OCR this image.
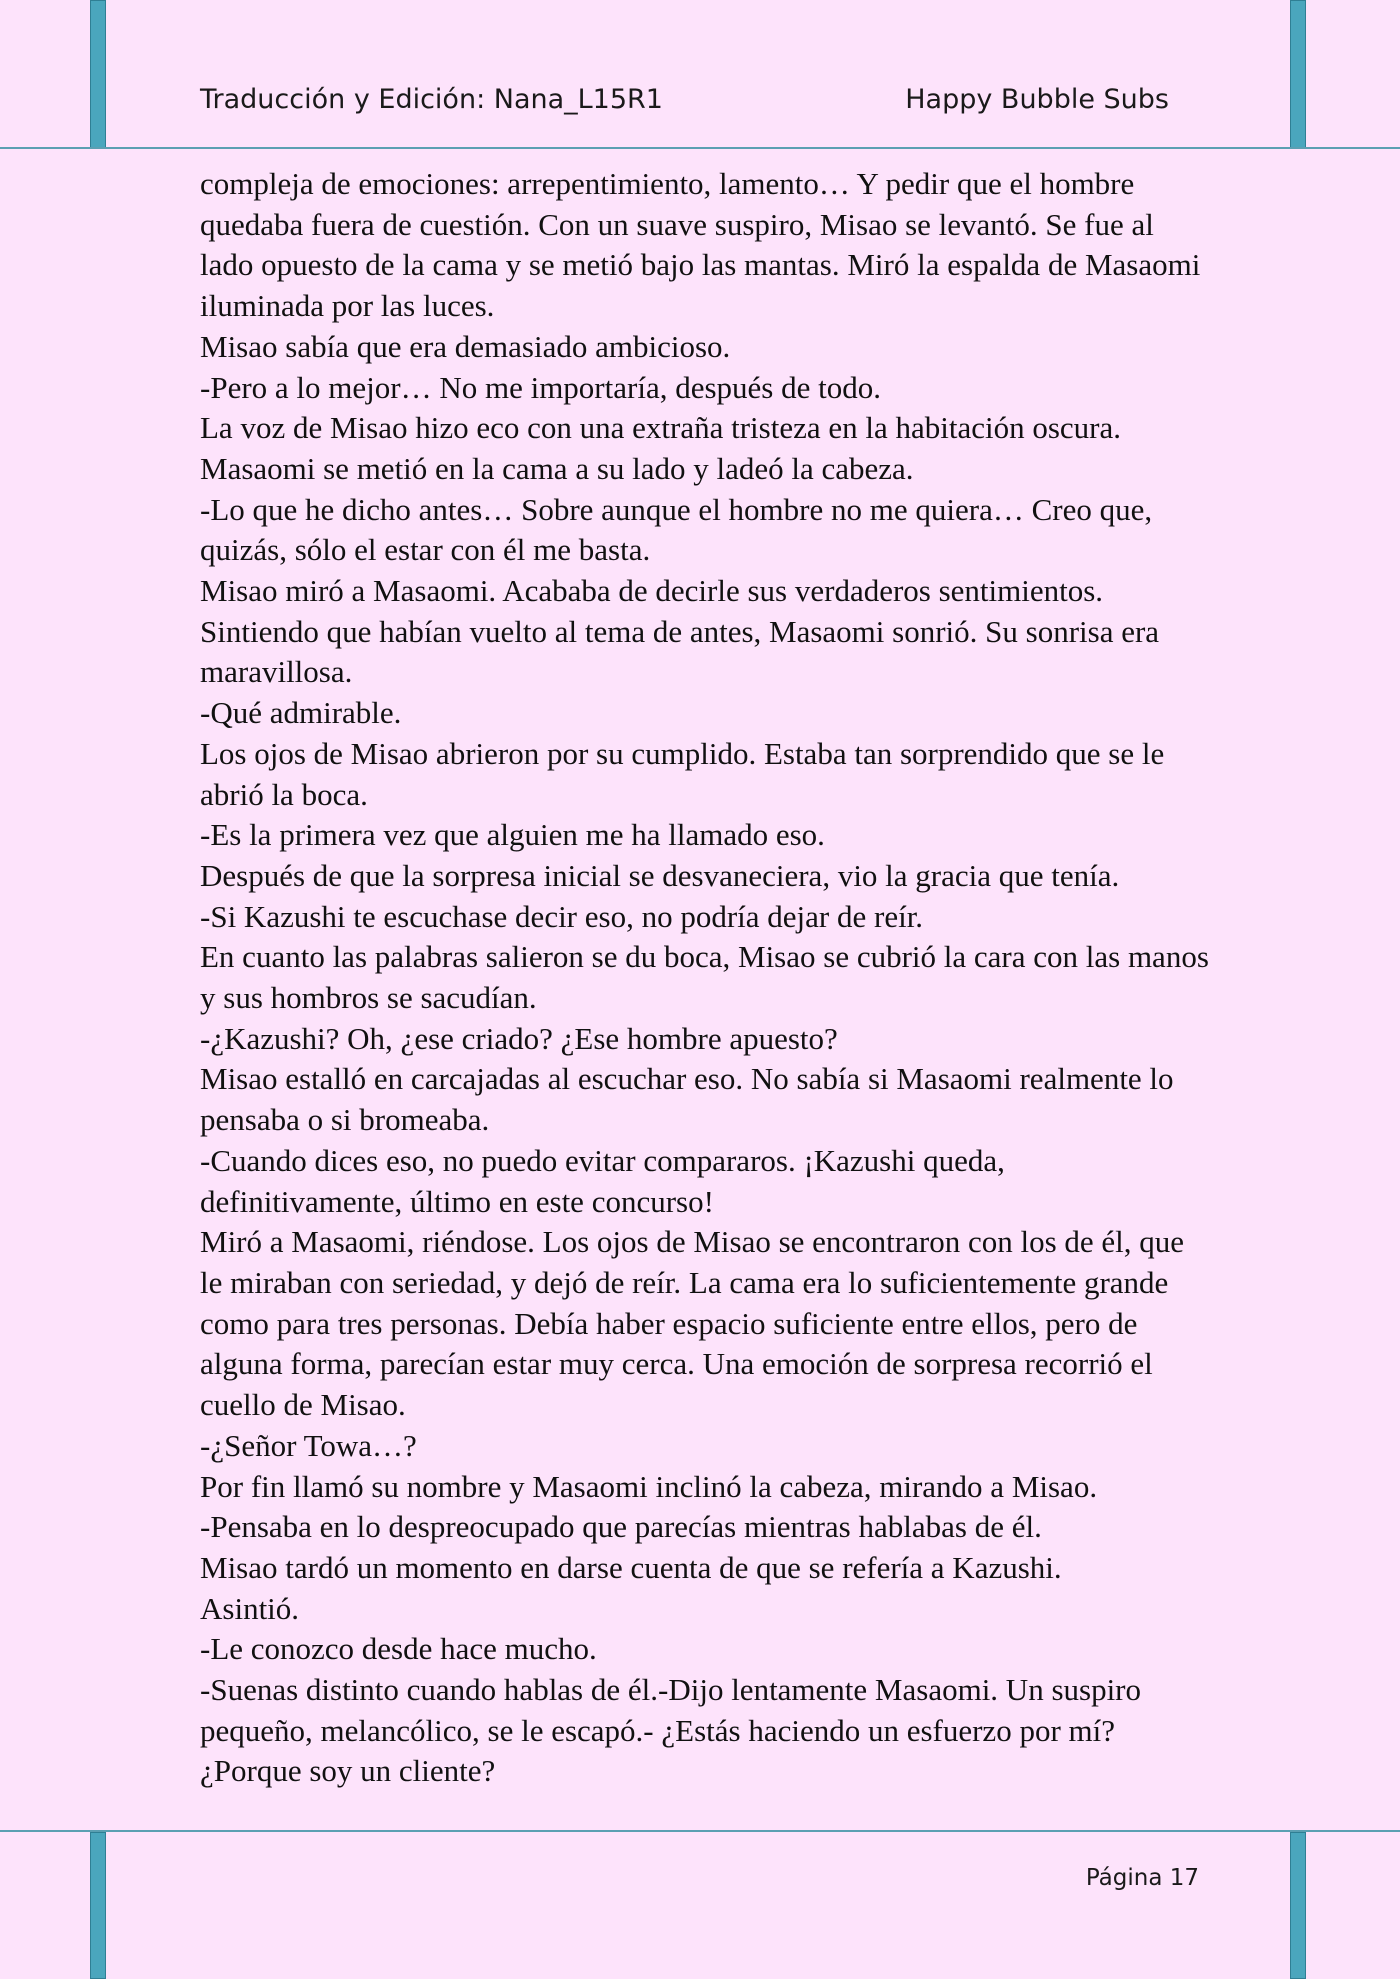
Traducción y Edición: Nana_L15R1	Happy Bubble Subs

compleja de emociones: arrepentimiento, lamento… Y pedir que el hombre quedaba fuera de cuestión. Con un suave suspiro, Misao se levantó. Se fue al lado opuesto de la cama y se metió bajo las mantas. Miró la espalda de Masaomi iluminada por las luces.

Misao sabía que era demasiado ambicioso.

-Pero a lo mejor… No me importaría, después de todo.

La voz de Misao hizo eco con una extraña tristeza en la habitación oscura.

Masaomi se metió en la cama a su lado y ladeó la cabeza.

-Lo que he dicho antes… Sobre aunque el hombre no me quiera… Creo que, quizás, sólo el estar con él me basta.

Misao miró a Masaomi. Acababa de decirle sus verdaderos sentimientos.

Sintiendo que habían vuelto al tema de antes, Masaomi sonrió. Su sonrisa era maravillosa.

-Qué admirable.

Los ojos de Misao abrieron por su cumplido. Estaba tan sorprendido que se le abrió la boca.

-Es la primera vez que alguien me ha llamado eso.

Después de que la sorpresa inicial se desvaneciera, vio la gracia que tenía.

-Si Kazushi te escuchase decir eso, no podría dejar de reír.

En cuanto las palabras salieron se du boca, Misao se cubrió la cara con las manos y sus hombros se sacudían.

-¿Kazushi? Oh, ¿ese criado? ¿Ese hombre apuesto?

Misao estalló en carcajadas al escuchar eso. No sabía si Masaomi realmente lo pensaba o si bromeaba.

-Cuando dices eso, no puedo evitar compararos. ¡Kazushi queda, definitivamente, último en este concurso!

Miró a Masaomi, riéndose. Los ojos de Misao se encontraron con los de él, que le miraban con seriedad, y dejó de reír. La cama era lo suficientemente grande como para tres personas. Debía haber espacio suficiente entre ellos, pero de alguna forma, parecían estar muy cerca. Una emoción de sorpresa recorrió el cuello de Misao.

-¿Señor Towa…?

Por fin llamó su nombre y Masaomi inclinó la cabeza, mirando a Misao.

-Pensaba en lo despreocupado que parecías mientras hablabas de él.

Misao tardó un momento en darse cuenta de que se refería a Kazushi.

Asintió.

-Le conozco desde hace mucho.

-Suenas distinto cuando hablas de él.-Dijo lentamente Masaomi. Un suspiro pequeño, melancólico, se le escapó.- ¿Estás haciendo un esfuerzo por mí? ¿Porque soy un cliente?

Página 17
